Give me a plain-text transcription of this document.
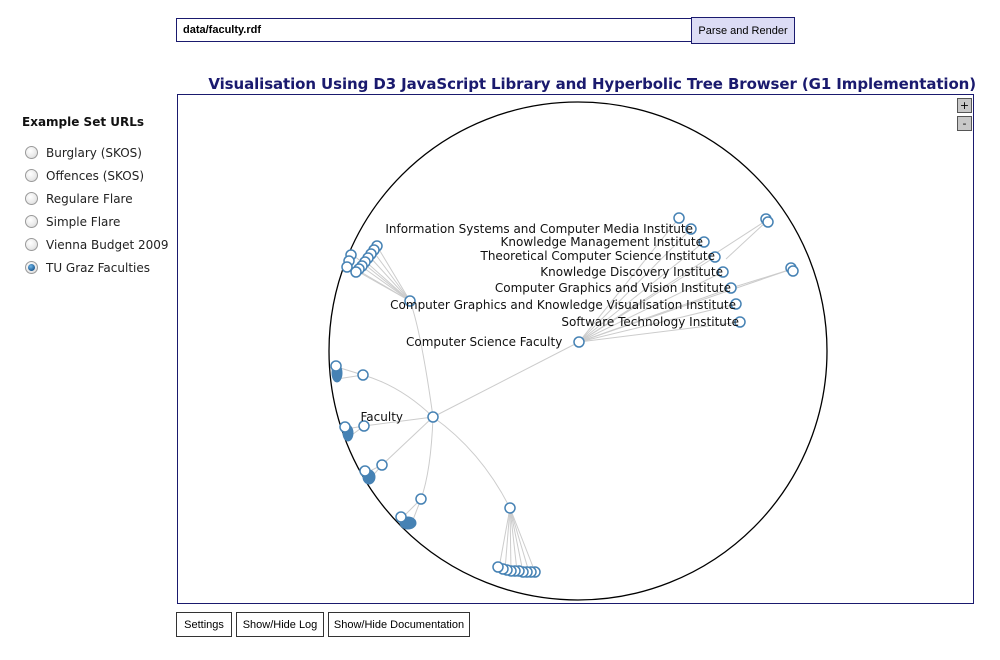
data/faculty.rdf	Parse and Render
Visualisation Using D3 JavaScript Library and Hyperbolic Tree Browser (G1 Implementation)
Example Set URLs
Burglary (SKOS)
Offences (SKOS)
Regulare Flare
Simple Flare
Vienna Budget 2009
TU Graz Faculties
Faculty
Computer Science Faculty
Information Systems and Computer Media Institute
Knowledge Management Institute
Theoretical Computer Science Institute
Knowledge Discovery Institute
Computer Graphics and Vision Institute
Computer Graphics and Knowledge Visualisation Institute
Software Technology Institute
+
-
Settings	Show/Hide Log	Show/Hide Documentation
